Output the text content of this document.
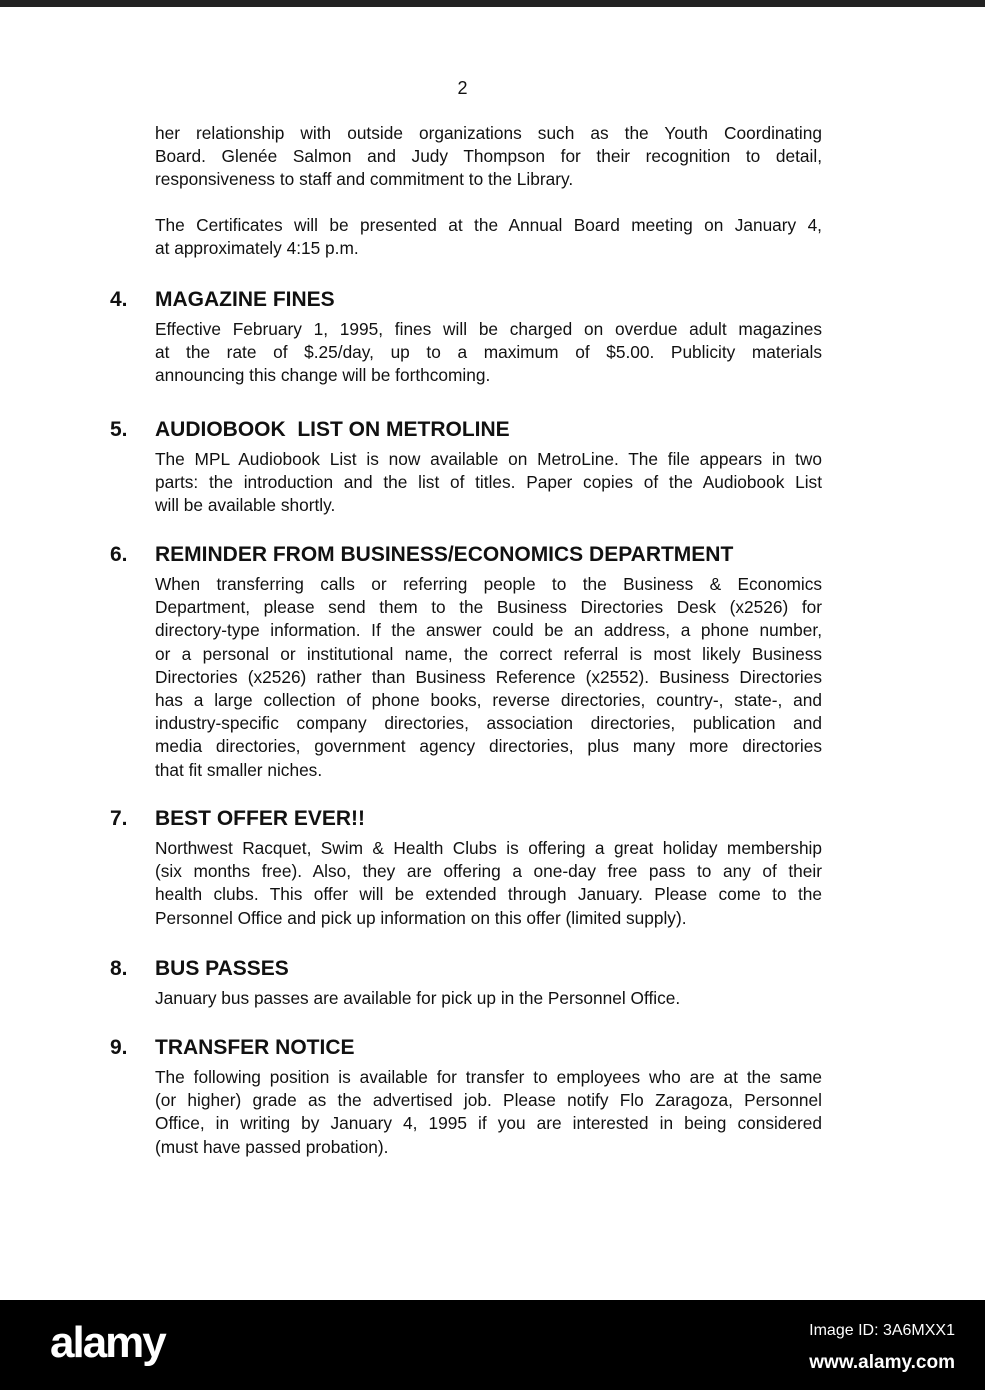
2
her relationship with outside organizations such as the Youth Coordinating
Board. Glenée Salmon and Judy Thompson for their recognition to detail,
responsiveness to staff and commitment to the Library.
The Certificates will be presented at the Annual Board meeting on January 4,
at approximately 4:15 p.m.
4. MAGAZINE FINES
Effective February 1, 1995, fines will be charged on overdue adult magazines
at the rate of $.25/day, up to a maximum of $5.00. Publicity materials
announcing this change will be forthcoming.
5. AUDIOBOOK  LIST ON METROLINE
The MPL Audiobook List is now available on MetroLine. The file appears in two
parts: the introduction and the list of titles. Paper copies of the Audiobook List
will be available shortly.
6. REMINDER FROM BUSINESS/ECONOMICS DEPARTMENT
When transferring calls or referring people to the Business & Economics
Department, please send them to the Business Directories Desk (x2526) for
directory-type information. If the answer could be an address, a phone number,
or a personal or institutional name, the correct referral is most likely Business
Directories (x2526) rather than Business Reference (x2552). Business Directories
has a large collection of phone books, reverse directories, country-, state-, and
industry-specific company directories, association directories, publication and
media directories, government agency directories, plus many more directories
that fit smaller niches.
7. BEST OFFER EVER!!
Northwest Racquet, Swim & Health Clubs is offering a great holiday membership
(six months free). Also, they are offering a one-day free pass to any of their
health clubs. This offer will be extended through January. Please come to the
Personnel Office and pick up information on this offer (limited supply).
8. BUS PASSES
January bus passes are available for pick up in the Personnel Office.
9. TRANSFER NOTICE
The following position is available for transfer to employees who are at the same
(or higher) grade as the advertised job. Please notify Flo Zaragoza, Personnel
Office, in writing by January 4, 1995 if you are interested in being considered
(must have passed probation).
alamy	Image ID: 3A6MXX1
www.alamy.com
